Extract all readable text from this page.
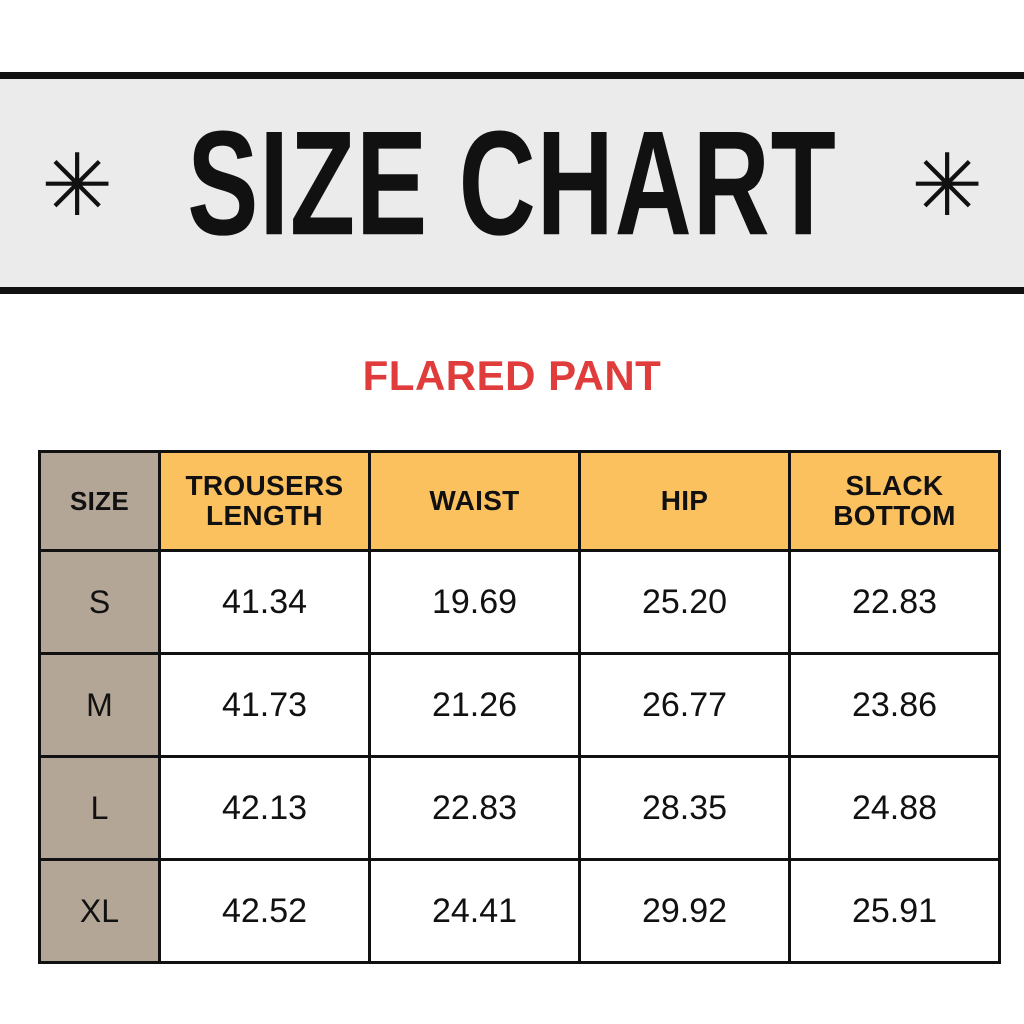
✳ SIZE CHART ✳
FLARED PANT
SIZE	TROUSERS LENGTH	WAIST	HIP	SLACK BOTTOM
S	41.34	19.69	25.20	22.83
M	41.73	21.26	26.77	23.86
L	42.13	22.83	28.35	24.88
XL	42.52	24.41	29.92	25.91
